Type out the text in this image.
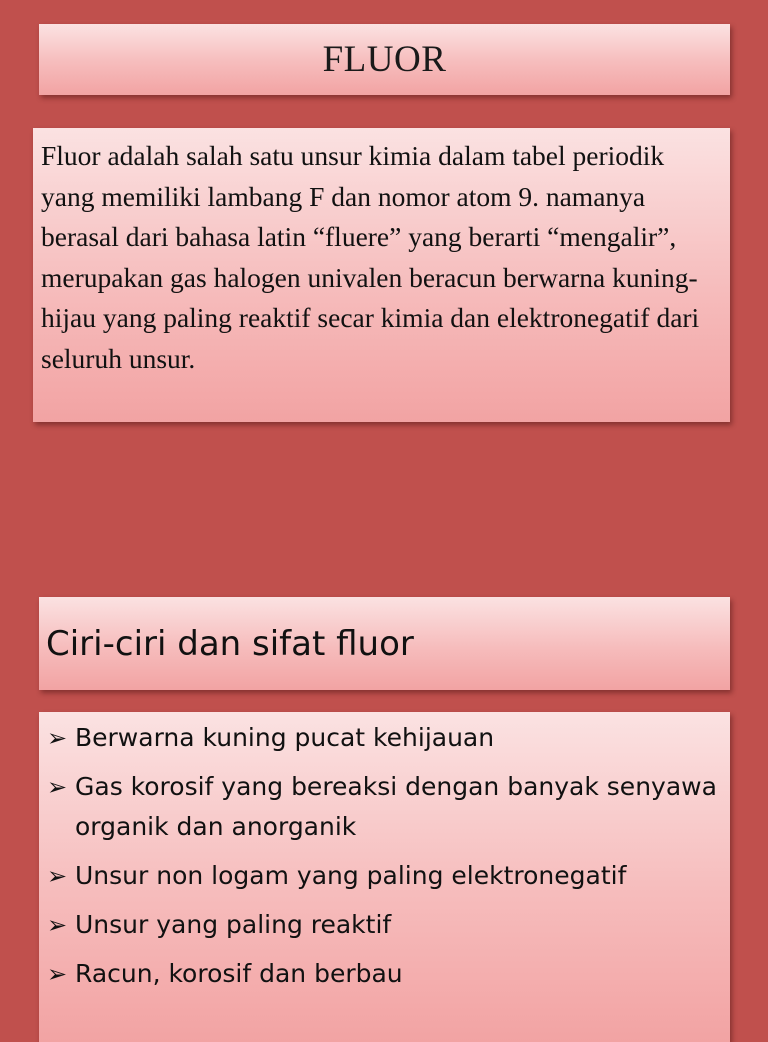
FLUOR

Fluor adalah salah satu unsur kimia dalam tabel periodik yang memiliki lambang F dan nomor atom 9. namanya berasal dari bahasa latin “fluere” yang berarti “mengalir”, merupakan gas halogen univalen beracun berwarna kuning-hijau yang paling reaktif secar kimia dan elektronegatif dari seluruh unsur.

Ciri-ciri dan sifat fluor
➢ Berwarna kuning pucat kehijauan
➢ Gas korosif yang bereaksi dengan banyak senyawa organik dan anorganik
➢ Unsur non logam yang paling elektronegatif
➢ Unsur yang paling reaktif
➢ Racun, korosif dan berbau
